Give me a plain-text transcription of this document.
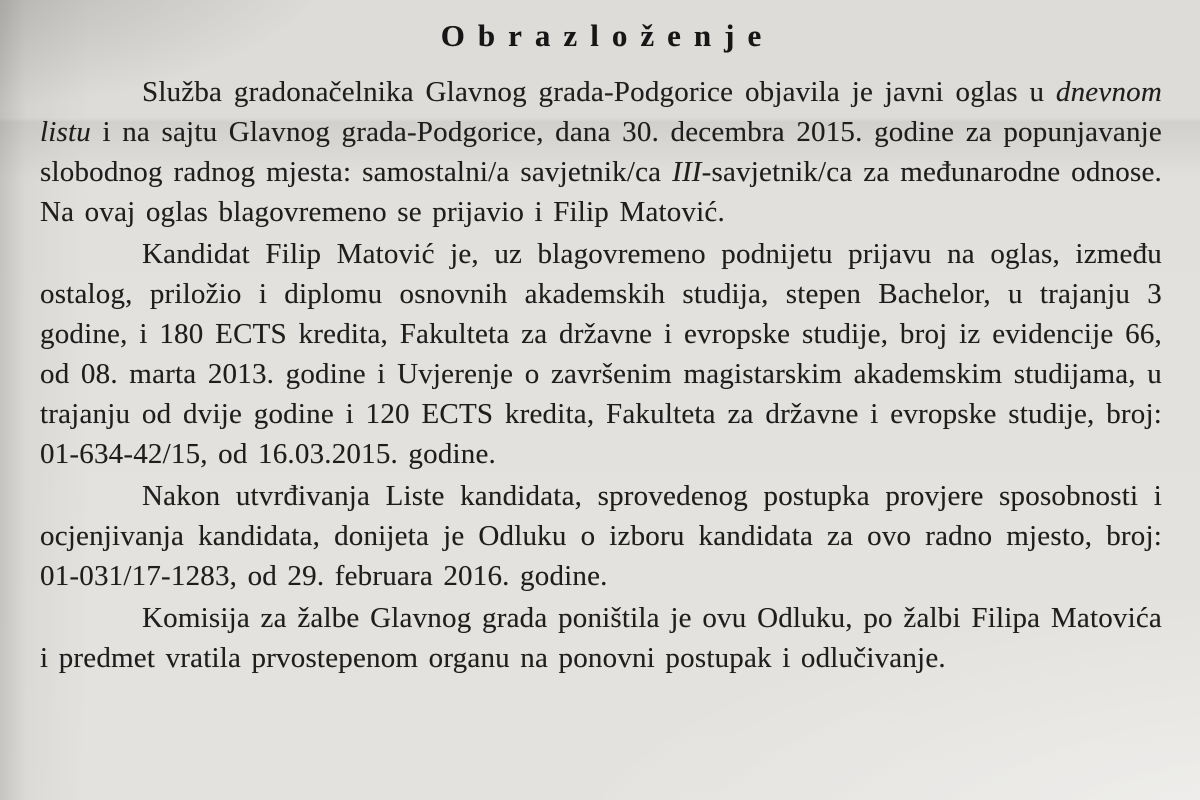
Obrazloženje

Služba gradonačelnika Glavnog grada-Podgorice objavila je javni oglas u dnevnom listu i na sajtu Glavnog grada-Podgorice, dana 30. decembra 2015. godine za popunjavanje slobodnog radnog mjesta: samostalni/a savjetnik/ca III-savjetnik/ca za međunarodne odnose. Na ovaj oglas blagovremeno se prijavio i Filip Matović.

Kandidat Filip Matović je, uz blagovremeno podnijetu prijavu na oglas, između ostalog, priložio i diplomu osnovnih akademskih studija, stepen Bachelor, u trajanju 3 godine, i 180 ECTS kredita, Fakulteta za državne i evropske studije, broj iz evidencije 66, od 08. marta 2013. godine i Uvjerenje o završenim magistarskim akademskim studijama, u trajanju od dvije godine i 120 ECTS kredita, Fakulteta za državne i evropske studije, broj: 01-634-42/15, od 16.03.2015. godine.

Nakon utvrđivanja Liste kandidata, sprovedenog postupka provjere sposobnosti i ocjenjivanja kandidata, donijeta je Odluku o izboru kandidata za ovo radno mjesto, broj: 01-031/17-1283, od 29. februara 2016. godine.

Komisija za žalbe Glavnog grada poništila je ovu Odluku, po žalbi Filipa Matovića i predmet vratila prvostepenom organu na ponovni postupak i odlučivanje.
